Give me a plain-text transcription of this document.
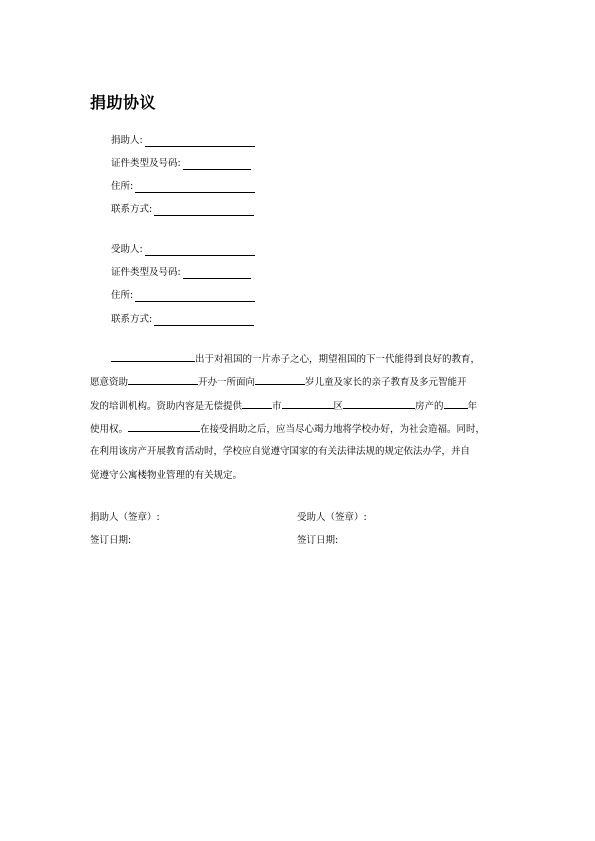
捐助协议
捐助人:
证件类型及号码:
住所:
联系方式:
受助人:
证件类型及号码:
住所:
联系方式:
出于对祖国的一片赤子之心，期望祖国的下一代能得到良好的教育，
愿意资助	开办一所面向	岁儿童及家长的亲子教育及多元智能开
发的培训机构。资助内容是无偿提供	市	区	房产的	年
使用权。	在接受捐助之后，应当尽心竭力地将学校办好，为社会造福。同时，
在利用该房产开展教育活动时，学校应自觉遵守国家的有关法律法规的规定依法办学，并自
觉遵守公寓楼物业管理的有关规定。
捐助人（签章）:
签订日期:
受助人（签章）:
签订日期:
